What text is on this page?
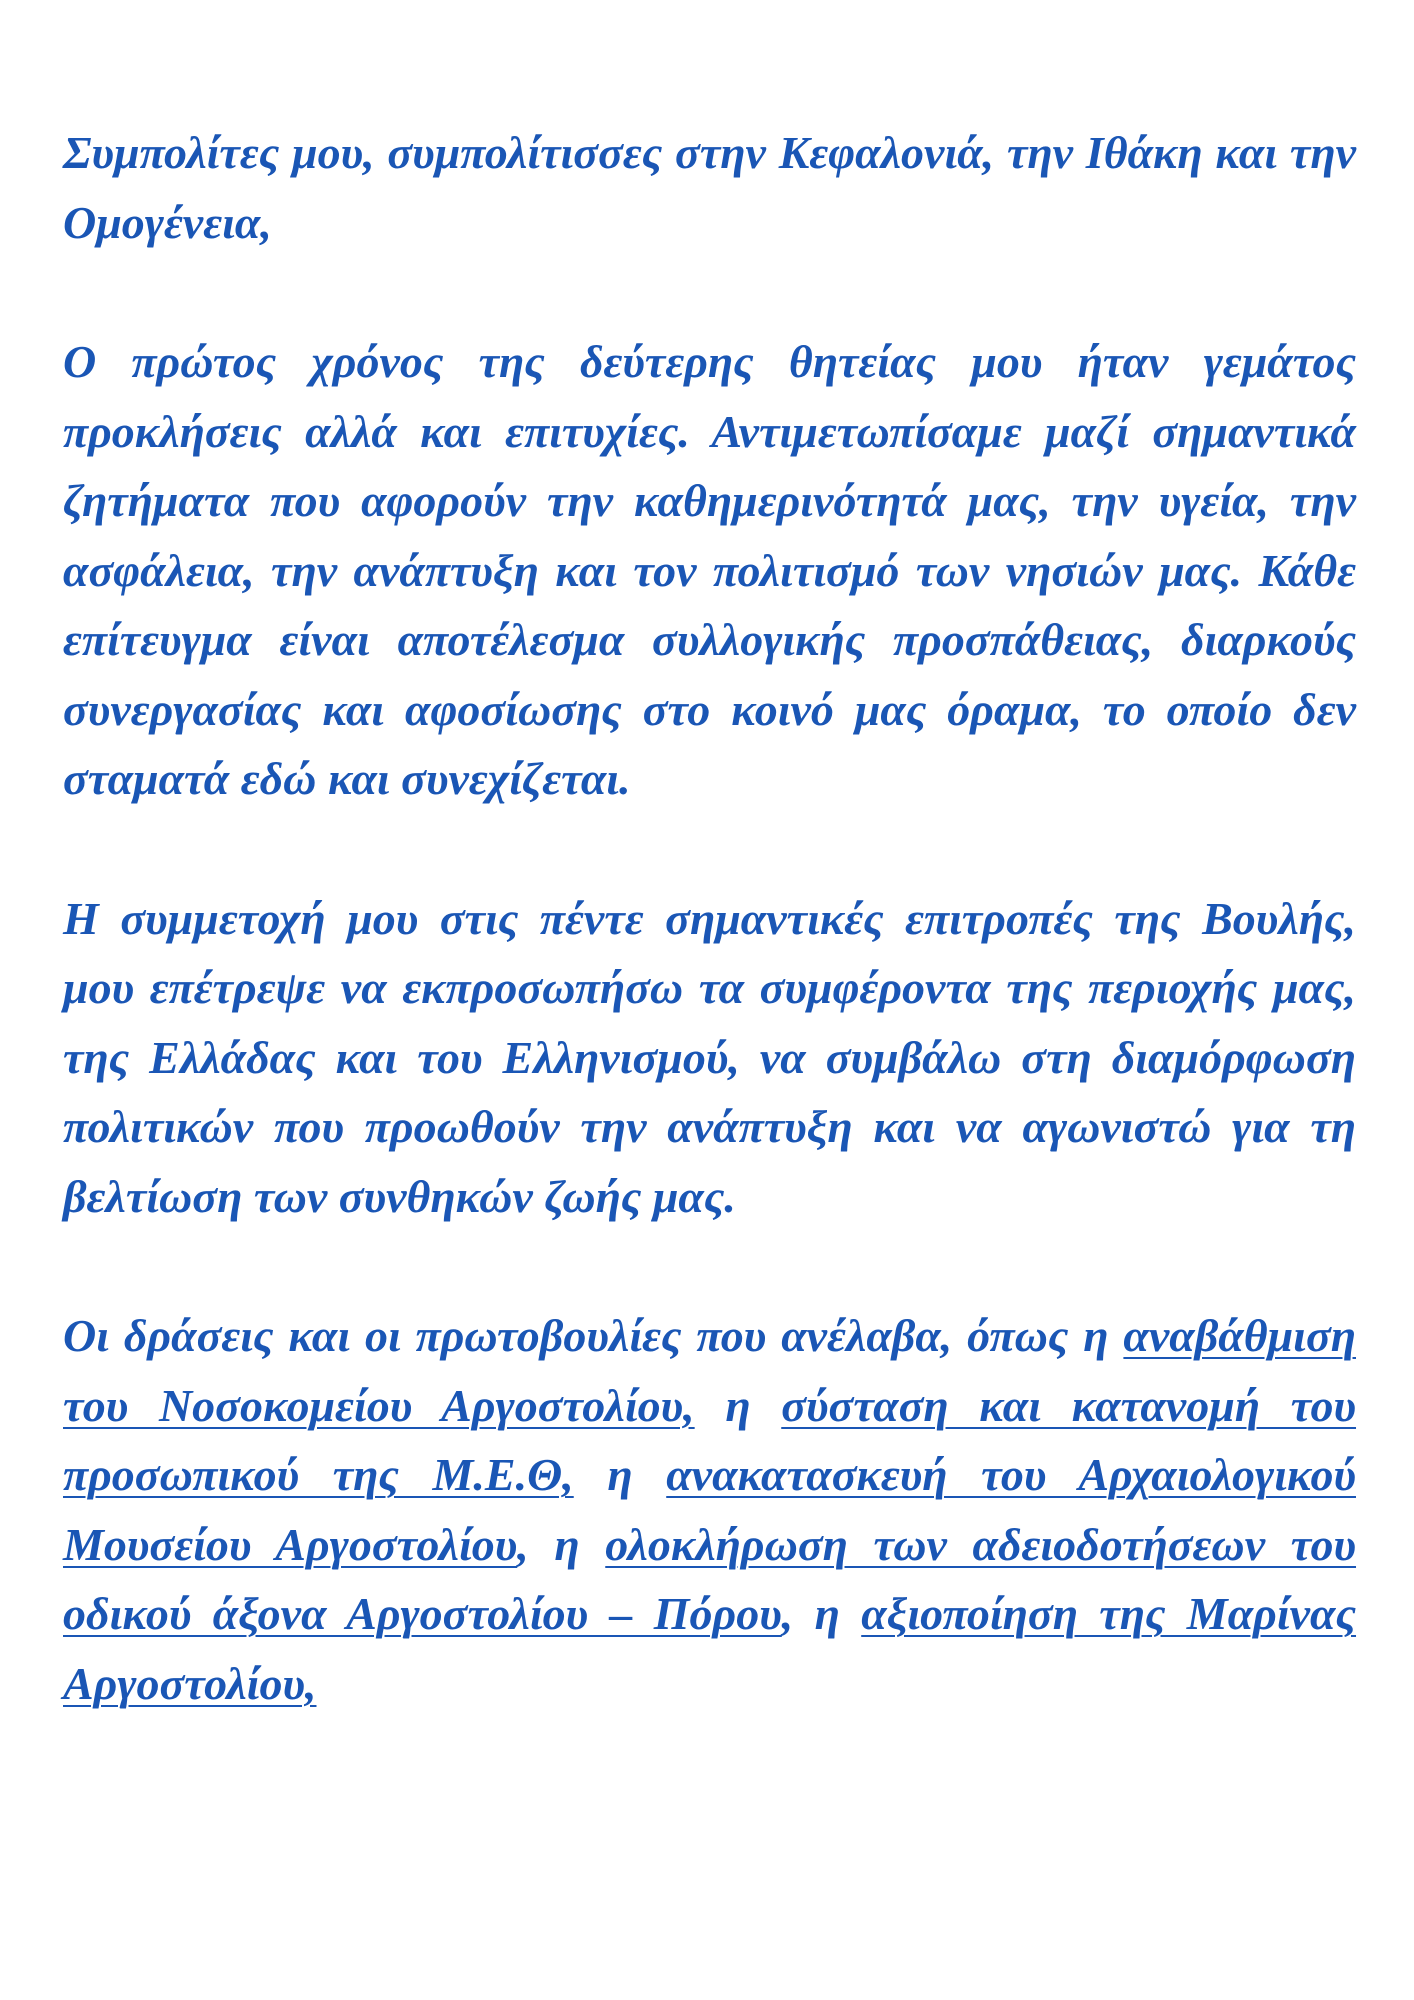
Συμπολίτες μου, συμπολίτισσες στην Κεφαλονιά, την Ιθάκη και την Ομογένεια,

Ο πρώτος χρόνος της δεύτερης θητείας μου ήταν γεμάτος προκλήσεις αλλά και επιτυχίες. Αντιμετωπίσαμε μαζί σημαντικά ζητήματα που αφορούν την καθημερινότητά μας, την υγεία, την ασφάλεια, την ανάπτυξη και τον πολιτισμό των νησιών μας. Κάθε επίτευγμα είναι αποτέλεσμα συλλογικής προσπάθειας, διαρκούς συνεργασίας και αφοσίωσης στο κοινό μας όραμα, το οποίο δεν σταματά εδώ και συνεχίζεται.

Η συμμετοχή μου στις πέντε σημαντικές επιτροπές της Βουλής, μου επέτρεψε να εκπροσωπήσω τα συμφέροντα της περιοχής μας, της Ελλάδας και του Ελληνισμού, να συμβάλω στη διαμόρφωση πολιτικών που προωθούν την ανάπτυξη και να αγωνιστώ για τη βελτίωση των συνθηκών ζωής μας.

Οι δράσεις και οι πρωτοβουλίες που ανέλαβα, όπως η αναβάθμιση του Νοσοκομείου Αργοστολίου, η σύσταση και κατανομή του προσωπικού της Μ.Ε.Θ, η ανακατασκευή του Αρχαιολογικού Μουσείου Αργοστολίου, η ολοκλήρωση των αδειοδοτήσεων του οδικού άξονα Αργοστολίου – Πόρου, η αξιοποίηση της Μαρίνας Αργοστολίου,
